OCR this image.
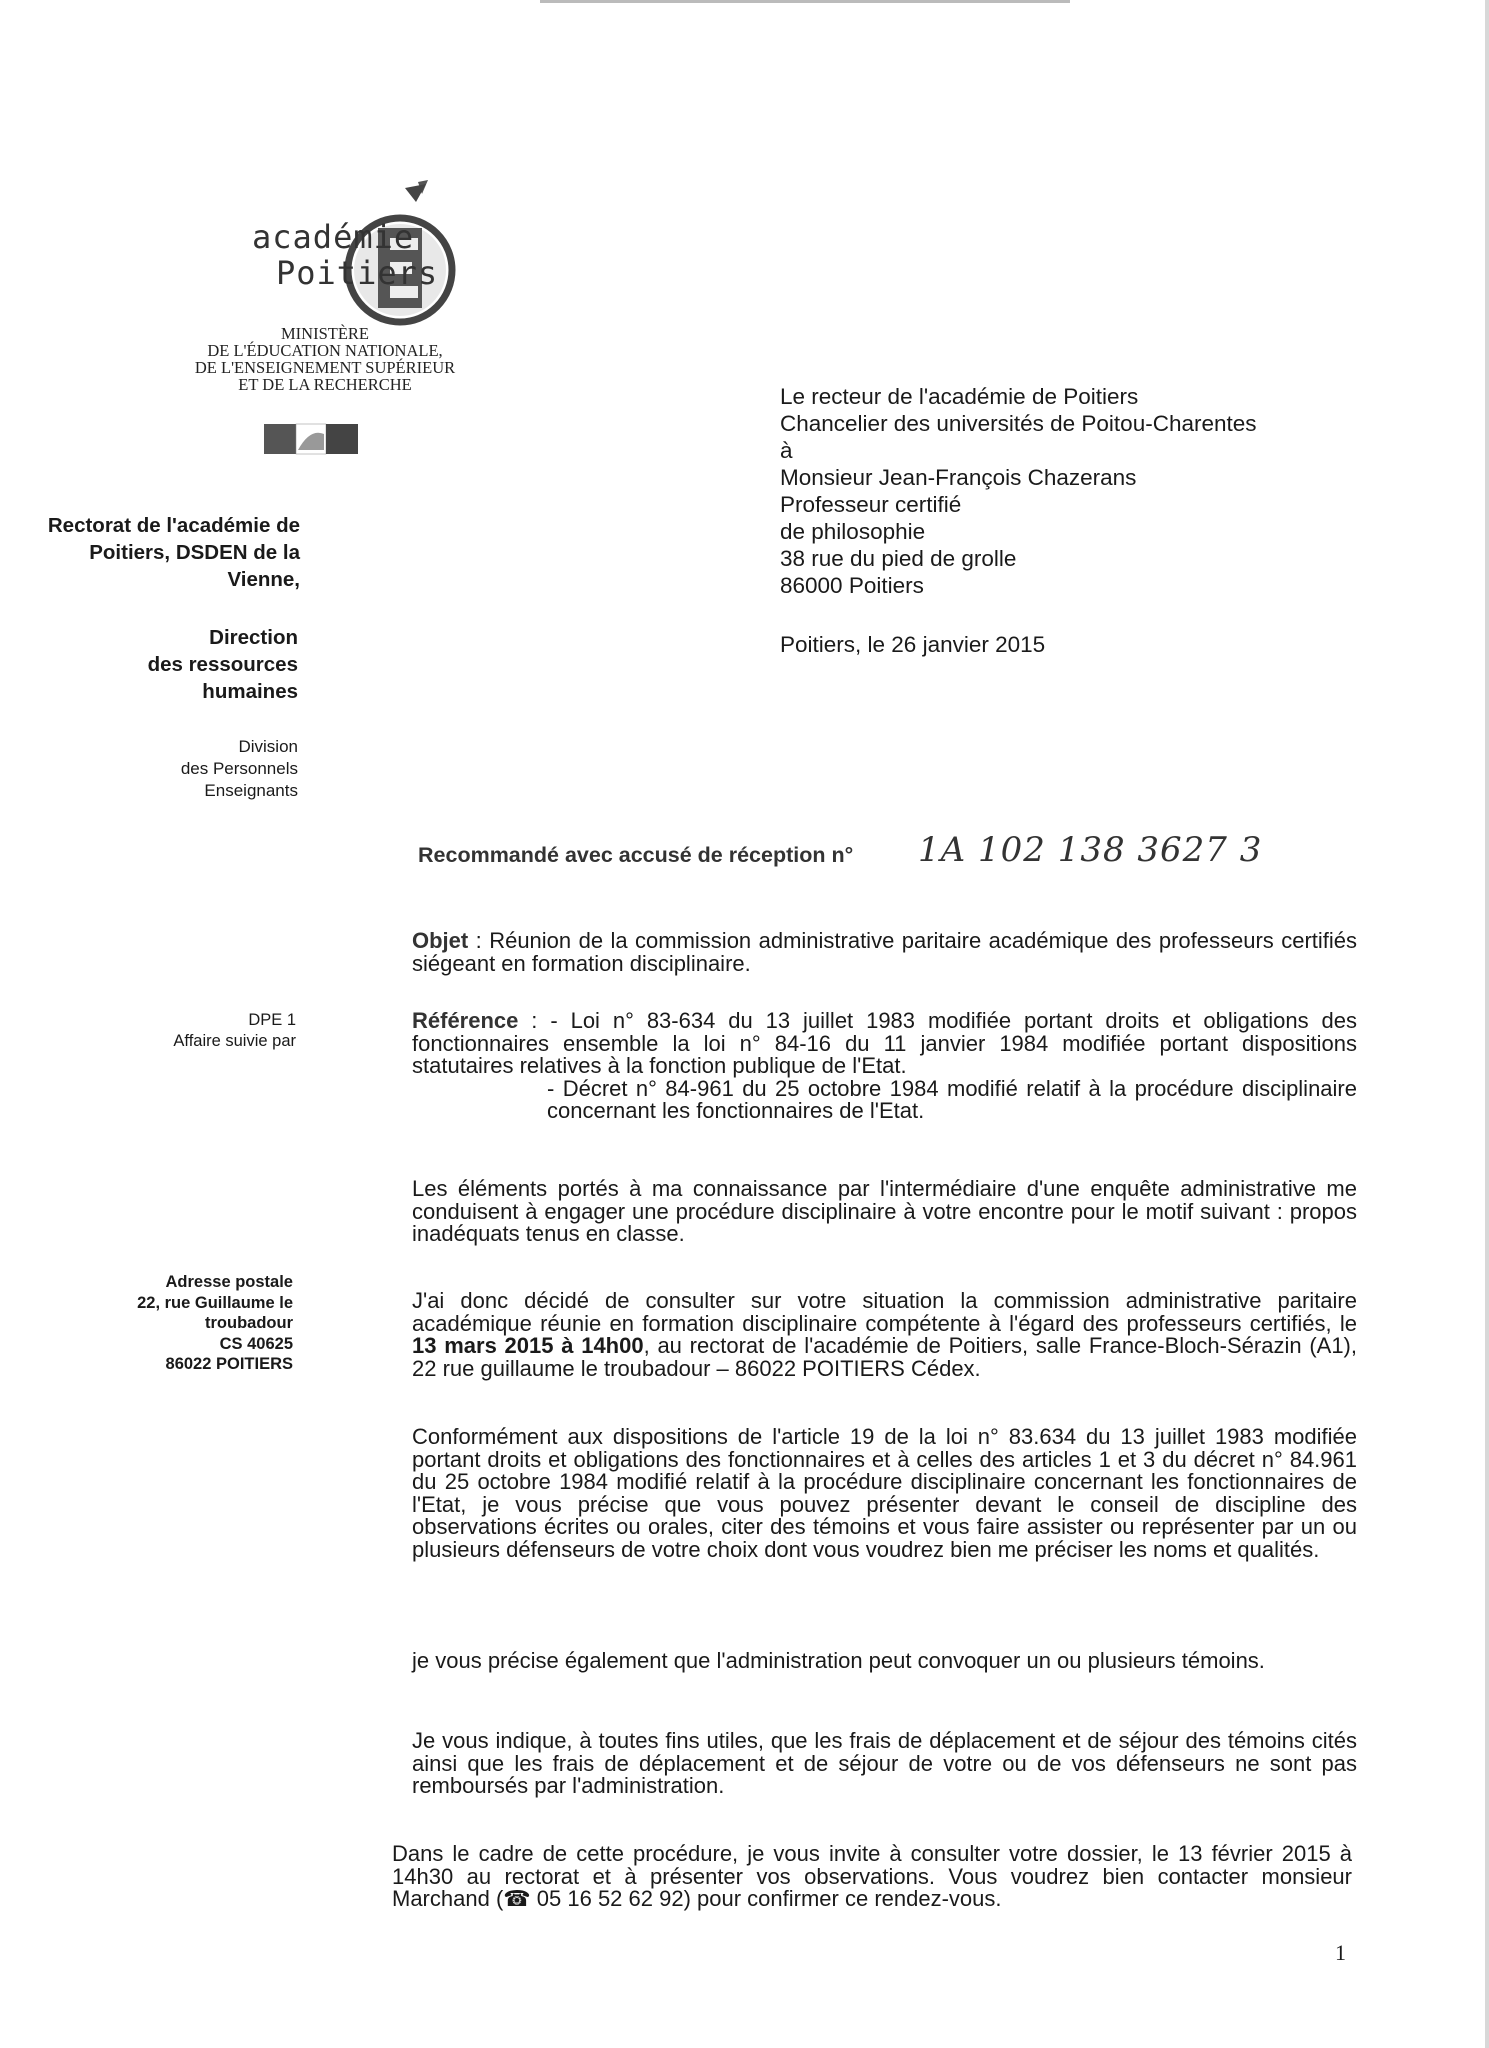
académie
Poitiers
MINISTÈRE
DE L'ÉDUCATION NATIONALE,
DE L'ENSEIGNEMENT SUPÉRIEUR
ET DE LA RECHERCHE
Rectorat de l'académie de
Poitiers, DSDEN de la
Vienne,
Direction
des ressources
humaines
Division
des Personnels
Enseignants
DPE 1
Affaire suivie par
Adresse postale
22, rue Guillaume le
troubadour
CS 40625
86022 POITIERS
Le recteur de l'académie de Poitiers
Chancelier des universités de Poitou-Charentes
à
Monsieur Jean-François Chazerans
Professeur certifié
de philosophie
38 rue du pied de grolle
86000 Poitiers
Poitiers, le 26 janvier 2015
Recommandé avec accusé de réception n° 1A 102 138 3627 3
Objet : Réunion de la commission administrative paritaire académique des professeurs certifiés siégeant en formation disciplinaire.
Référence : - Loi n° 83-634 du 13 juillet 1983 modifiée portant droits et obligations des fonctionnaires ensemble la loi n° 84-16 du 11 janvier 1984 modifiée portant dispositions statutaires relatives à la fonction publique de l'Etat.
- Décret n° 84-961 du 25 octobre 1984 modifié relatif à la procédure disciplinaire concernant les fonctionnaires de l'Etat.
Les éléments portés à ma connaissance par l'intermédiaire d'une enquête administrative me conduisent à engager une procédure disciplinaire à votre encontre pour le motif suivant : propos inadéquats tenus en classe.
J'ai donc décidé de consulter sur votre situation la commission administrative paritaire académique réunie en formation disciplinaire compétente à l'égard des professeurs certifiés, le 13 mars 2015 à 14h00, au rectorat de l'académie de Poitiers, salle France-Bloch-Sérazin (A1), 22 rue guillaume le troubadour – 86022 POITIERS Cédex.
Conformément aux dispositions de l'article 19 de la loi n° 83.634 du 13 juillet 1983 modifiée portant droits et obligations des fonctionnaires et à celles des articles 1 et 3 du décret n° 84.961 du 25 octobre 1984 modifié relatif à la procédure disciplinaire concernant les fonctionnaires de l'Etat, je vous précise que vous pouvez présenter devant le conseil de discipline des observations écrites ou orales, citer des témoins et vous faire assister ou représenter par un ou plusieurs défenseurs de votre choix dont vous voudrez bien me préciser les noms et qualités.
je vous précise également que l'administration peut convoquer un ou plusieurs témoins.
Je vous indique, à toutes fins utiles, que les frais de déplacement et de séjour des témoins cités ainsi que les frais de déplacement et de séjour de votre ou de vos défenseurs ne sont pas remboursés par l'administration.
Dans le cadre de cette procédure, je vous invite à consulter votre dossier, le 13 février 2015 à 14h30 au rectorat et à présenter vos observations. Vous voudrez bien contacter monsieur Marchand (☎ 05 16 52 62 92) pour confirmer ce rendez-vous.
1
